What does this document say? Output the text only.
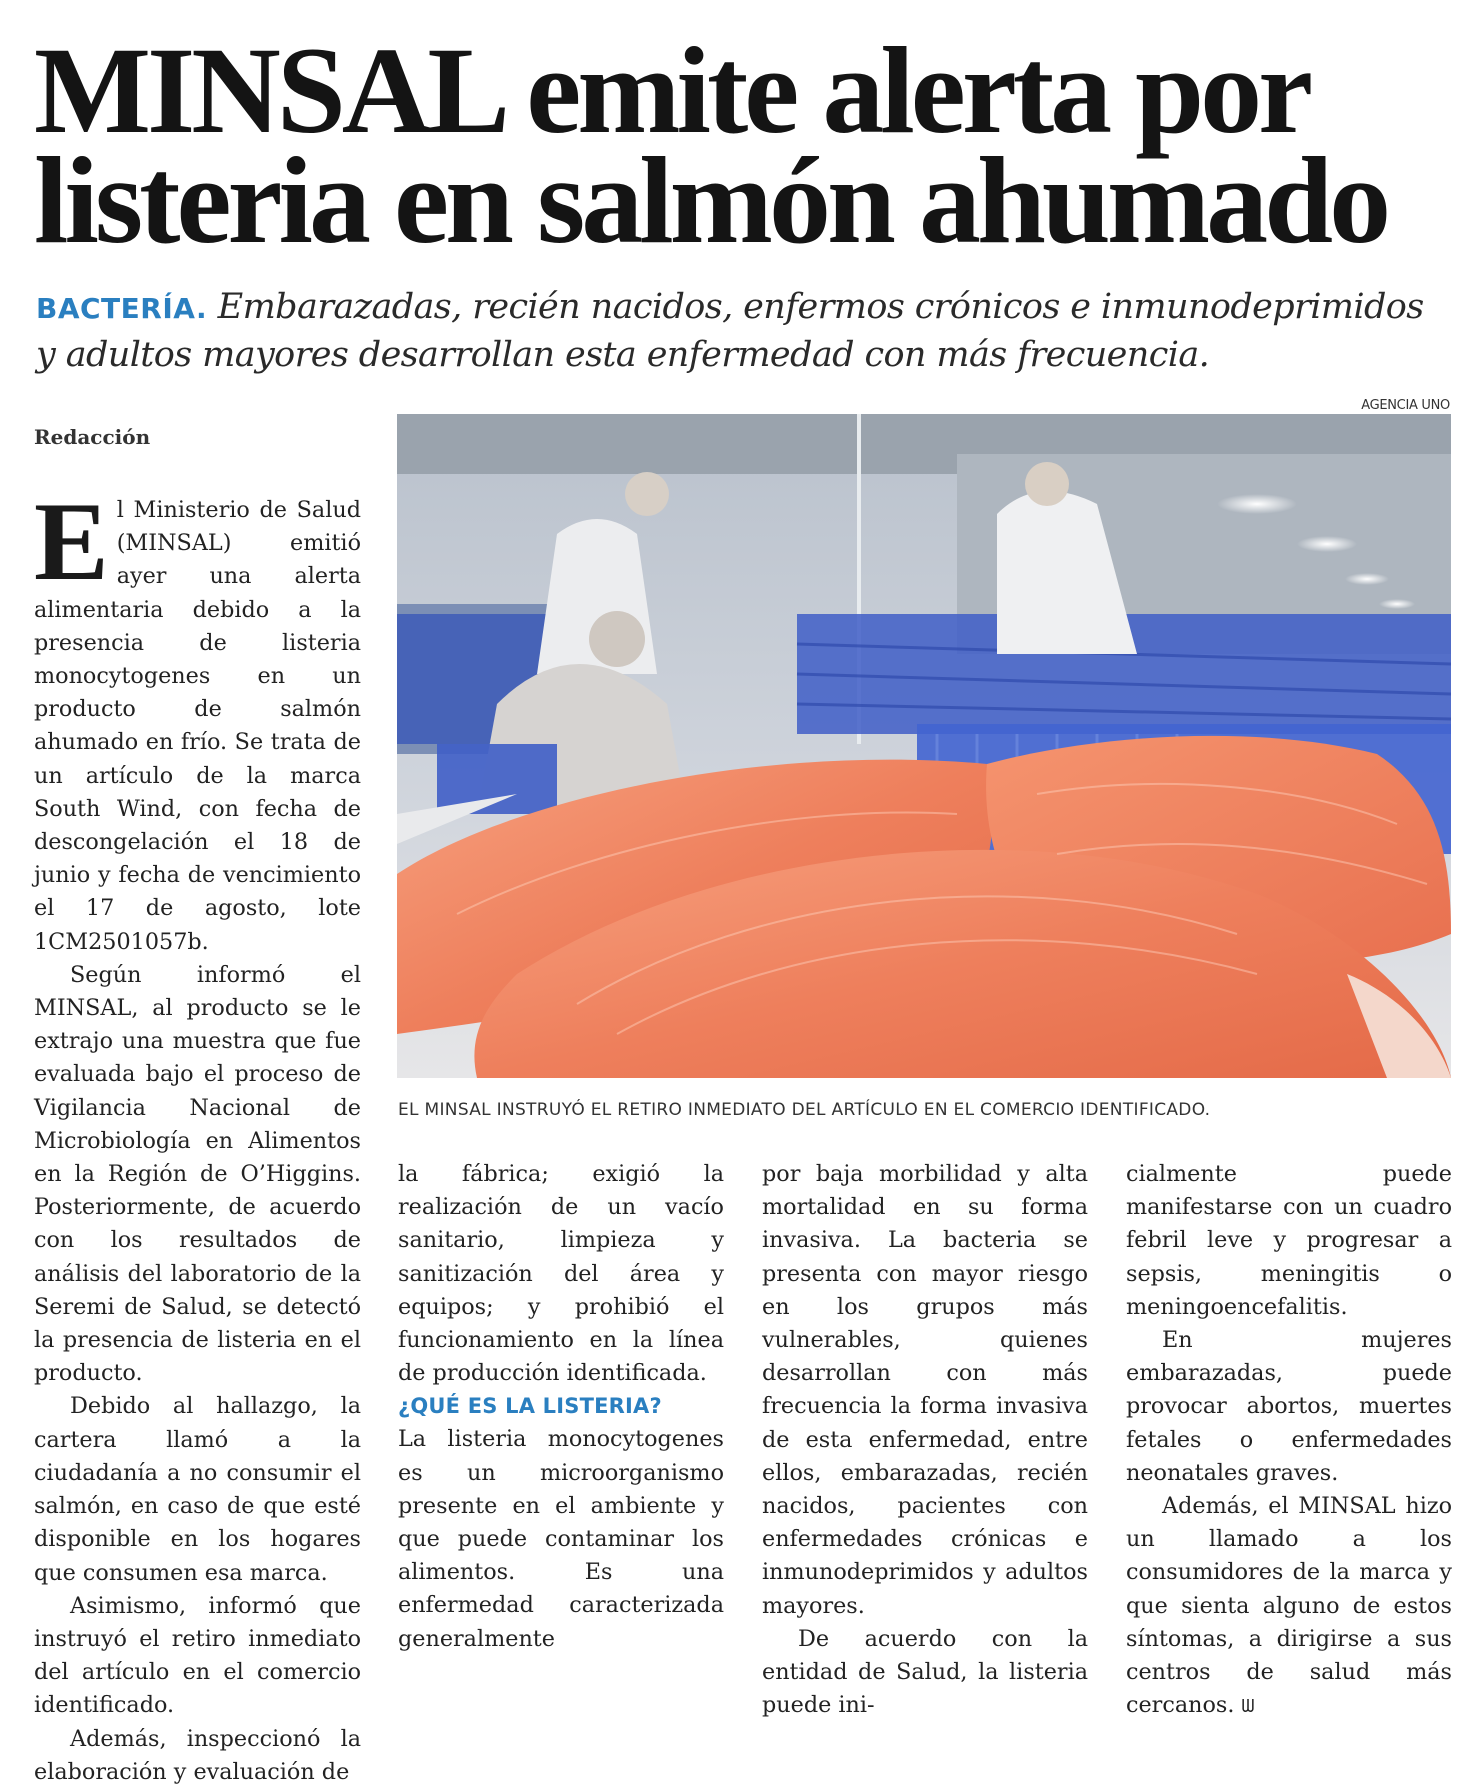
MINSAL emite alerta por
listeria en salmón ahumado
BACTERÍA. Embarazadas, recién nacidos, enfermos crónicos e inmunodeprimidos y adultos mayores desarrollan esta enfermedad con más frecuencia.
AGENCIA UNO
EL MINSAL INSTRUYÓ EL RETIRO INMEDIATO DEL ARTÍCULO EN EL COMERCIO IDENTIFICADO.
Redacción

El Ministerio de Salud (MINSAL) emitió ayer una alerta alimentaria debido a la presencia de listeria monocytogenes en un producto de salmón ahumado en frío. Se trata de un artículo de la marca South Wind, con fecha de descongelación el 18 de junio y fecha de vencimiento el 17 de agosto, lote 1CM2501057b.

Según informó el MINSAL, al producto se le extrajo una muestra que fue evaluada bajo el proceso de Vigilancia Nacional de Microbiología en Alimentos en la Región de O’Higgins. Posteriormente, de acuerdo con los resultados de análisis del laboratorio de la Seremi de Salud, se detectó la presencia de listeria en el producto.

Debido al hallazgo, la cartera llamó a la ciudadanía a no consumir el salmón, en caso de que esté disponible en los hogares que consumen esa marca.

Asimismo, informó que instruyó el retiro inmediato del artículo en el comercio identificado.

Además, inspeccionó la elaboración y evaluación de

la fábrica; exigió la realización de un vacío sanitario, limpieza y sanitización del área y equipos; y prohibió el funcionamiento en la línea de producción identificada.

¿QUÉ ES LA LISTERIA?

La listeria monocytogenes es un microorganismo presente en el ambiente y que puede contaminar los alimentos. Es una enfermedad caracterizada generalmente

por baja morbilidad y alta mortalidad en su forma invasiva. La bacteria se presenta con mayor riesgo en los grupos más vulnerables, quienes desarrollan con más frecuencia la forma invasiva de esta enfermedad, entre ellos, embarazadas, recién nacidos, pacientes con enfermedades crónicas e inmunodeprimidos y adultos mayores.

De acuerdo con la entidad de Salud, la listeria puede ini-

cialmente puede manifestarse con un cuadro febril leve y progresar a sepsis, meningitis o meningoencefalitis.

En mujeres embarazadas, puede provocar abortos, muertes fetales o enfermedades neonatales graves.

Además, el MINSAL hizo un llamado a los consumidores de la marca y que sienta alguno de estos síntomas, a dirigirse a sus centros de salud más cercanos. ᗯ
